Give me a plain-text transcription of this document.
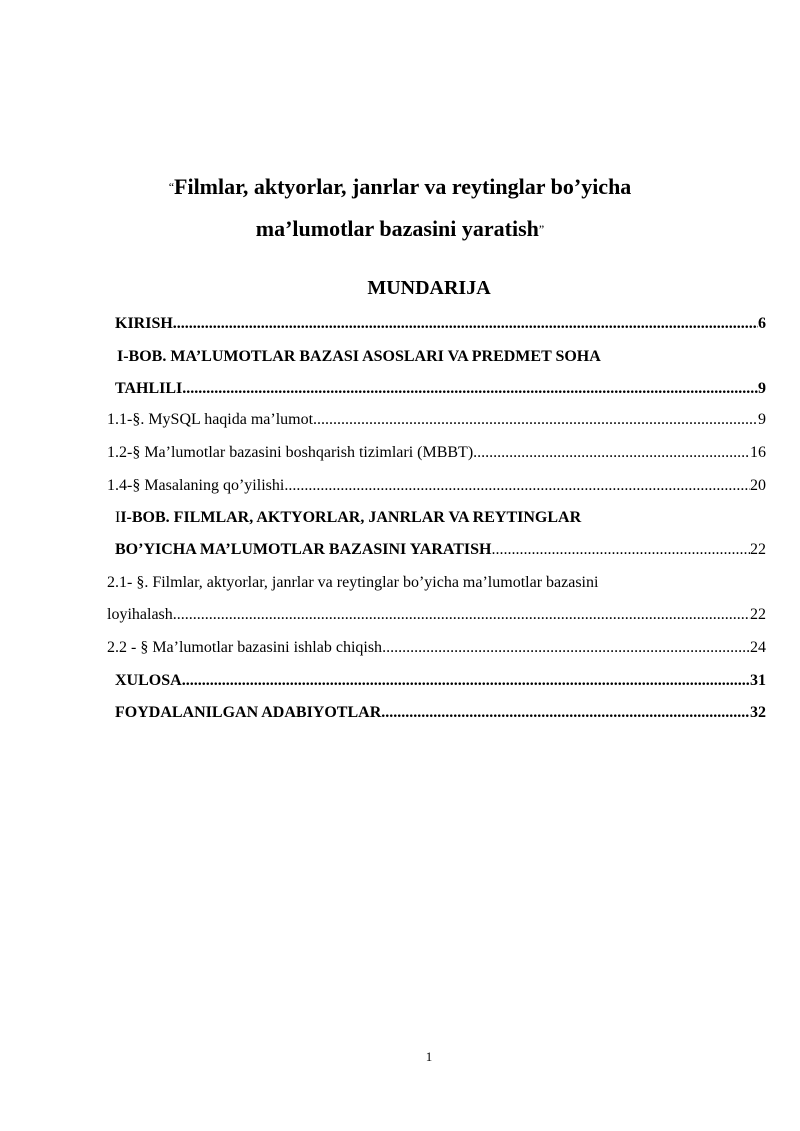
“Filmlar, aktyorlar, janrlar va reytinglar bo’yicha
ma’lumotlar bazasini yaratish”
MUNDARIJA
KIRISH .....	6
I-BOB. MA’LUMOTLAR BAZASI ASOSLARI VA PREDMET SOHA
TAHLILI .....	9
1.1-§. MySQL haqida ma’lumot .....	9
1.2-§ Ma’lumotlar bazasini boshqarish tizimlari (MBBT) .....	16
1.4-§ Masalaning qo’yilishi .....	20
II-BOB. FILMLAR, AKTYORLAR, JANRLAR VA REYTINGLAR
BO’YICHA MA’LUMOTLAR BAZASINI YARATISH .....	22
2.1- §. Filmlar, aktyorlar, janrlar va reytinglar bo’yicha ma’lumotlar bazasini
loyihalash .....	22
2.2 - § Ma’lumotlar bazasini ishlab chiqish .....	24
XULOSA .....	31
FOYDALANILGAN ADABIYOTLAR .....	32
1
